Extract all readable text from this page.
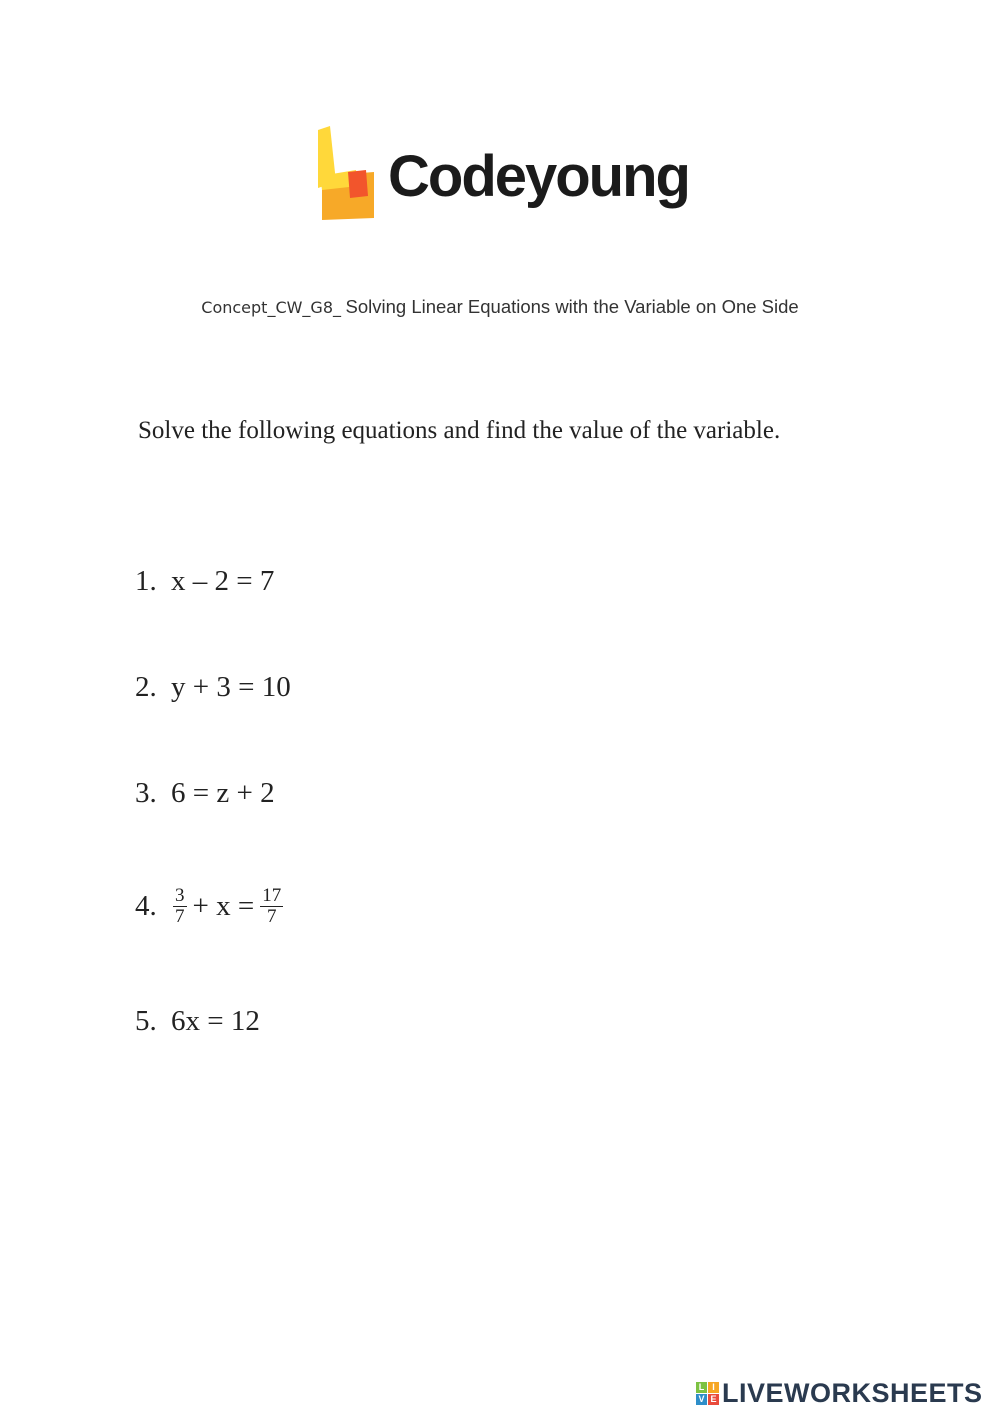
Codeyoung
Concept_CW_G8_ Solving Linear Equations with the Variable on One Side
Solve the following equations and find the value of the variable.
1. x – 2 = 7
2. y + 3 = 10
3. 6 = z + 2
4. $\frac{3}{7} + x = \frac{17}{7}$
5. 6x = 12
L I
V E LIVEWORKSHEETS
